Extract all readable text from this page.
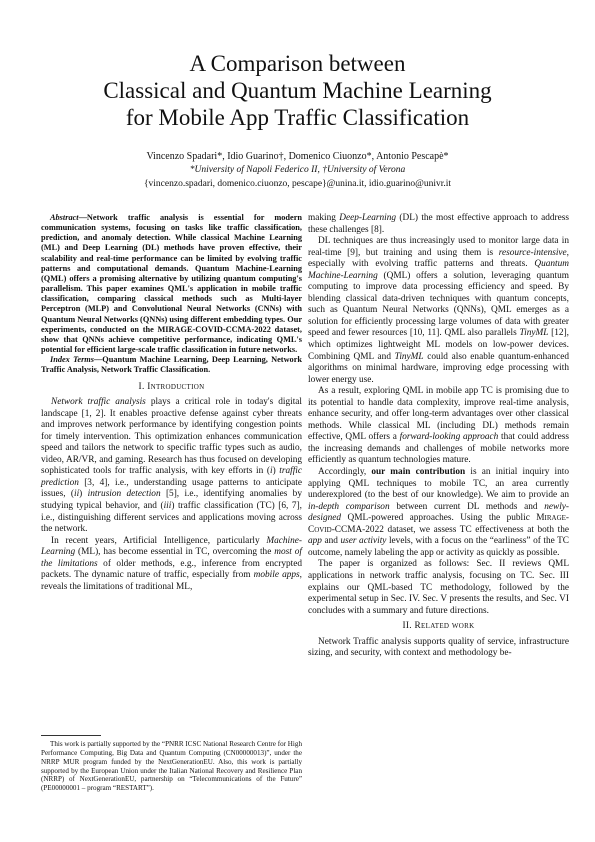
A Comparison between
Classical and Quantum Machine Learning
for Mobile App Traffic Classification
Vincenzo Spadari*, Idio Guarino†, Domenico Ciuonzo*, Antonio Pescapè*
*University of Napoli Federico II, †University of Verona
{vincenzo.spadari, domenico.ciuonzo, pescape}@unina.it, idio.guarino@univr.it

Abstract—Network traffic analysis is essential for modern communication systems, focusing on tasks like traffic classification, prediction, and anomaly detection. While classical Machine Learning (ML) and Deep Learning (DL) methods have proven effective, their scalability and real-time performance can be limited by evolving traffic patterns and computational demands. Quantum Machine-Learning (QML) offers a promising alternative by utilizing quantum computing's parallelism. This paper examines QML's application in mobile traffic classification, comparing classical methods such as Multi-layer Perceptron (MLP) and Convolutional Neural Networks (CNNs) with Quantum Neural Networks (QNNs) using different embedding types. Our experiments, conducted on the MIRAGE-COVID-CCMA-2022 dataset, show that QNNs achieve competitive performance, indicating QML's potential for efficient large-scale traffic classification in future networks.

Index Terms—Quantum Machine Learning, Deep Learning, Network Traffic Analysis, Network Traffic Classification.

I. Introduction

Network traffic analysis plays a critical role in today's digital landscape [1, 2]. It enables proactive defense against cyber threats and improves network performance by identifying congestion points for timely intervention. This optimization enhances communication speed and tailors the network to specific traffic types such as audio, video, AR/VR, and gaming. Research has thus focused on developing sophisticated tools for traffic analysis, with key efforts in (i) traffic prediction [3, 4], i.e., understanding usage patterns to anticipate issues, (ii) intrusion detection [5], i.e., identifying anomalies by studying typical behavior, and (iii) traffic classification (TC) [6, 7], i.e., distinguishing different services and applications moving across the network.

In recent years, Artificial Intelligence, particularly Machine-Learning (ML), has become essential in TC, overcoming the most of the limitations of older methods, e.g., inference from encrypted packets. The dynamic nature of traffic, especially from mobile apps, reveals the limitations of traditional ML,

This work is partially supported by the “PNRR ICSC National Research Centre for High Performance Computing, Big Data and Quantum Computing (CN00000013)”, under the NRRP MUR program funded by the NextGenerationEU. Also, this work is partially supported by the European Union under the Italian National Recovery and Resilience Plan (NRRP) of NextGenerationEU, partnership on “Telecommunications of the Future” (PE00000001 – program “RESTART”).

making Deep-Learning (DL) the most effective approach to address these challenges [8].

DL techniques are thus increasingly used to monitor large data in real-time [9], but training and using them is resource-intensive, especially with evolving traffic patterns and threats. Quantum Machine-Learning (QML) offers a solution, leveraging quantum computing to improve data processing efficiency and speed. By blending classical data-driven techniques with quantum concepts, such as Quantum Neural Networks (QNNs), QML emerges as a solution for efficiently processing large volumes of data with greater speed and fewer resources [10, 11]. QML also parallels TinyML [12], which optimizes lightweight ML models on low-power devices. Combining QML and TinyML could also enable quantum-enhanced algorithms on minimal hardware, improving edge processing with lower energy use.

As a result, exploring QML in mobile app TC is promising due to its potential to handle data complexity, improve real-time analysis, enhance security, and offer long-term advantages over other classical methods. While classical ML (including DL) methods remain effective, QML offers a forward-looking approach that could address the increasing demands and challenges of mobile networks more efficiently as quantum technologies mature.

Accordingly, our main contribution is an initial inquiry into applying QML techniques to mobile TC, an area currently underexplored (to the best of our knowledge). We aim to provide an in-depth comparison between current DL methods and newly-designed QML-powered approaches. Using the public Mirage-Covid-CCMA-2022 dataset, we assess TC effectiveness at both the app and user activity levels, with a focus on the “earliness” of the TC outcome, namely labeling the app or activity as quickly as possible.

The paper is organized as follows: Sec. II reviews QML applications in network traffic analysis, focusing on TC. Sec. III explains our QML-based TC methodology, followed by the experimental setup in Sec. IV. Sec. V presents the results, and Sec. VI concludes with a summary and future directions.

II. Related work

Network Traffic analysis supports quality of service, infrastructure sizing, and security, with context and methodology be-
